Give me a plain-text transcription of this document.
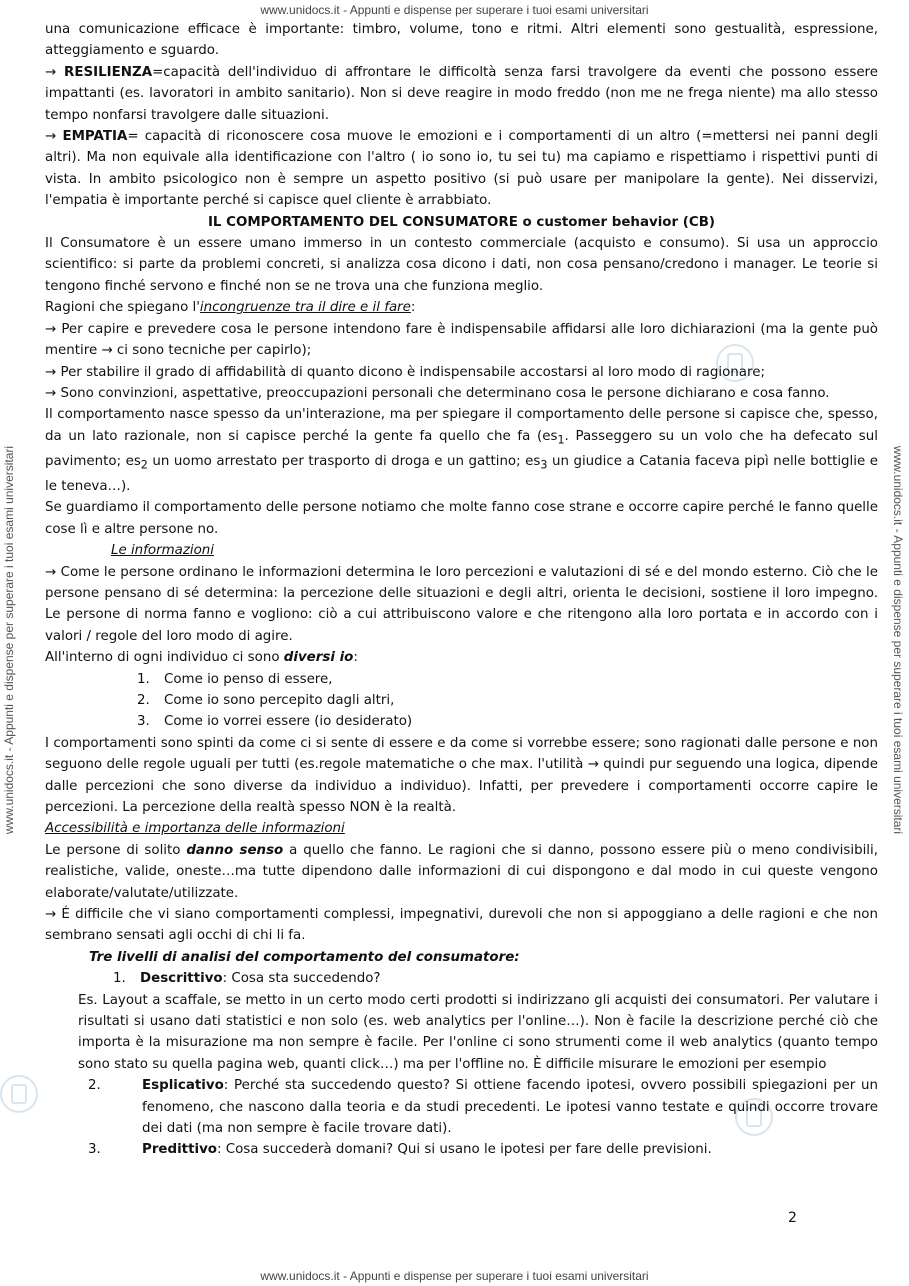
www.unidocs.it - Appunti e dispense per superare i tuoi esami universitari
www.unidocs.it - Appunti e dispense per superare i tuoi esami universitari
www.unidocs.it - Appunti e dispense per superare i tuoi esami universitari	www.unidocs.it - Appunti e dispense per superare i tuoi esami universitari

una comunicazione efficace è importante: timbro, volume, tono e ritmi. Altri elementi sono gestualità, espressione, atteggiamento e sguardo.

→ RESILIENZA=capacità dell'individuo di affrontare le difficoltà senza farsi travolgere da eventi che possono essere impattanti (es. lavoratori in ambito sanitario). Non si deve reagire in modo freddo (non me ne frega niente) ma allo stesso tempo nonfarsi travolgere dalle situazioni.

→ EMPATIA= capacità di riconoscere cosa muove le emozioni e i comportamenti di un altro (=mettersi nei panni degli altri). Ma non equivale alla identificazione con l'altro ( io sono io, tu sei tu) ma capiamo e rispettiamo i rispettivi punti di vista. In ambito psicologico non è sempre un aspetto positivo (si può usare per manipolare la gente). Nei disservizi, l'empatia è importante perché si capisce quel cliente è arrabbiato.

IL COMPORTAMENTO DEL CONSUMATORE o customer behavior (CB)

Il Consumatore è un essere umano immerso in un contesto commerciale (acquisto e consumo). Si usa un approccio scientifico: si parte da problemi concreti, si analizza cosa dicono i dati, non cosa pensano/credono i manager. Le teorie si tengono finché servono e finché non se ne trova una che funziona meglio.

Ragioni che spiegano l'incongruenze tra il dire e il fare:

→ Per capire e prevedere cosa le persone intendono fare è indispensabile affidarsi alle loro dichiarazioni (ma la gente può mentire → ci sono tecniche per capirlo);

→ Per stabilire il grado di affidabilità di quanto dicono è indispensabile accostarsi al loro modo di ragionare;

→ Sono convinzioni, aspettative, preoccupazioni personali che determinano cosa le persone dichiarano e cosa fanno.

Il comportamento nasce spesso da un'interazione, ma per spiegare il comportamento delle persone si capisce che, spesso, da un lato razionale, non si capisce perché la gente fa quello che fa ($es_1$. Passeggero su un volo che ha defecato sul pavimento; $es_2$ un uomo arrestato per trasporto di droga e un gattino; $es_3$ un giudice a Catania faceva pipì nelle bottiglie e le teneva…).

Se guardiamo il comportamento delle persone notiamo che molte fanno cose strane e occorre capire perché le fanno quelle cose lì e altre persone no.

Le informazioni

→ Come le persone ordinano le informazioni determina le loro percezioni e valutazioni di sé e del mondo esterno. Ciò che le persone pensano di sé determina: la percezione delle situazioni e degli altri, orienta le decisioni, sostiene il loro impegno. Le persone di norma fanno e vogliono: ciò a cui attribuiscono valore e che ritengono alla loro portata e in accordo con i valori / regole del loro modo di agire.

All'interno di ogni individuo ci sono diversi io:

1. Come io penso di essere,
2. Come io sono percepito dagli altri,
3. Come io vorrei essere (io desiderato)

I comportamenti sono spinti da come ci si sente di essere e da come si vorrebbe essere; sono ragionati dalle persone e non seguono delle regole uguali per tutti (es.regole matematiche o che max. l'utilità → quindi pur seguendo una logica, dipende dalle percezioni che sono diverse da individuo a individuo). Infatti, per prevedere i comportamenti occorre capire le percezioni. La percezione della realtà spesso NON è la realtà.

Accessibilità e importanza delle informazioni

Le persone di solito danno senso a quello che fanno. Le ragioni che si danno, possono essere più o meno condivisibili, realistiche, valide, oneste…ma tutte dipendono dalle informazioni di cui dispongono e dal modo in cui queste vengono elaborate/valutate/utilizzate.

→ É difficile che vi siano comportamenti complessi, impegnativi, durevoli che non si appoggiano a delle ragioni e che non sembrano sensati agli occhi di chi li fa.

Tre livelli di analisi del comportamento del consumatore:

1. Descrittivo: Cosa sta succedendo?

Es. Layout a scaffale, se metto in un certo modo certi prodotti si indirizzano gli acquisti dei consumatori. Per valutare i risultati si usano dati statistici e non solo (es. web analytics per l'online…). Non è facile la descrizione perché ciò che importa è la misurazione ma non sempre è facile. Per l'online ci sono strumenti come il web analytics (quanto tempo sono stato su quella pagina web, quanti click…) ma per l'offline no. È difficile misurare le emozioni per esempio

2.	Esplicativo: Perché sta succedendo questo? Si ottiene facendo ipotesi, ovvero possibili spiegazioni per un fenomeno, che nascono dalla teoria e da studi precedenti. Le ipotesi vanno testate e quindi occorre trovare dei dati (ma non sempre è facile trovare dati).

3.	Predittivo: Cosa succederà domani? Qui si usano le ipotesi per fare delle previsioni.

2
